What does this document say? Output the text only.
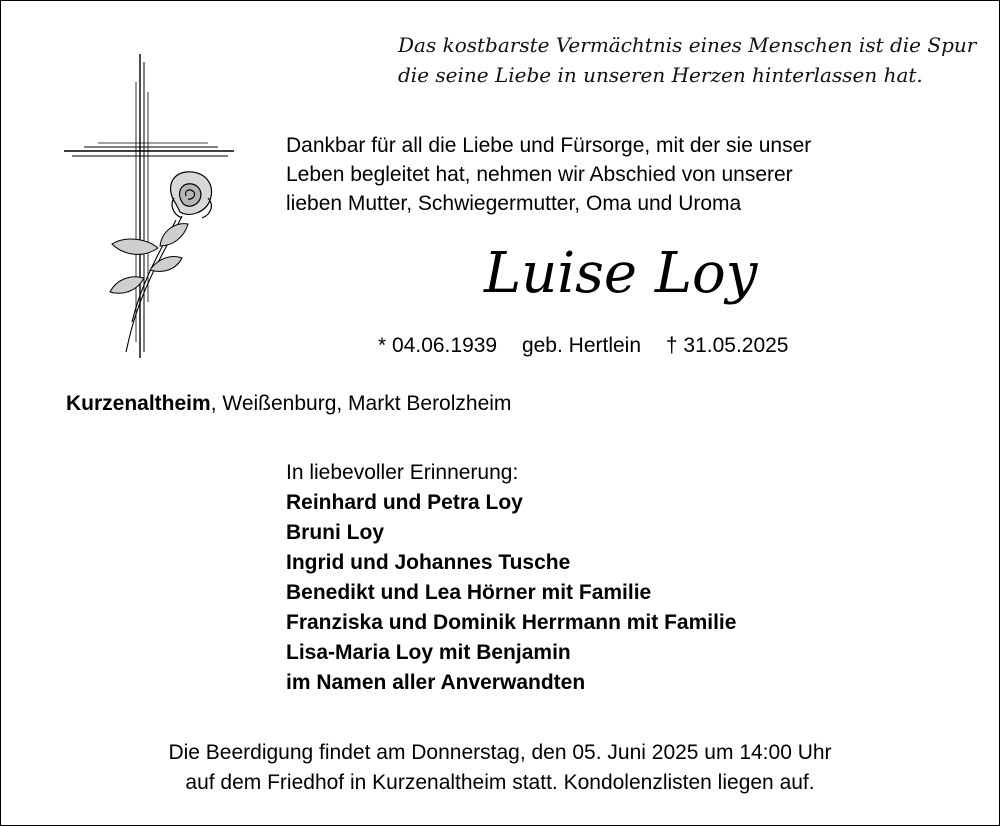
Das kostbarste Vermächtnis eines Menschen ist die Spur
die seine Liebe in unseren Herzen hinterlassen hat.
Dankbar für all die Liebe und Fürsorge, mit der sie unser
Leben begleitet hat, nehmen wir Abschied von unserer
lieben Mutter, Schwiegermutter, Oma und Uroma
Luise Loy
* 04.06.1939 geb. Hertlein † 31.05.2025
Kurzenaltheim, Weißenburg, Markt Berolzheim
In liebevoller Erinnerung:
Reinhard und Petra Loy
Bruni Loy
Ingrid und Johannes Tusche
Benedikt und Lea Hörner mit Familie
Franziska und Dominik Herrmann mit Familie
Lisa-Maria Loy mit Benjamin
im Namen aller Anverwandten
Die Beerdigung findet am Donnerstag, den 05. Juni 2025 um 14:00 Uhr
auf dem Friedhof in Kurzenaltheim statt. Kondolenzlisten liegen auf.
